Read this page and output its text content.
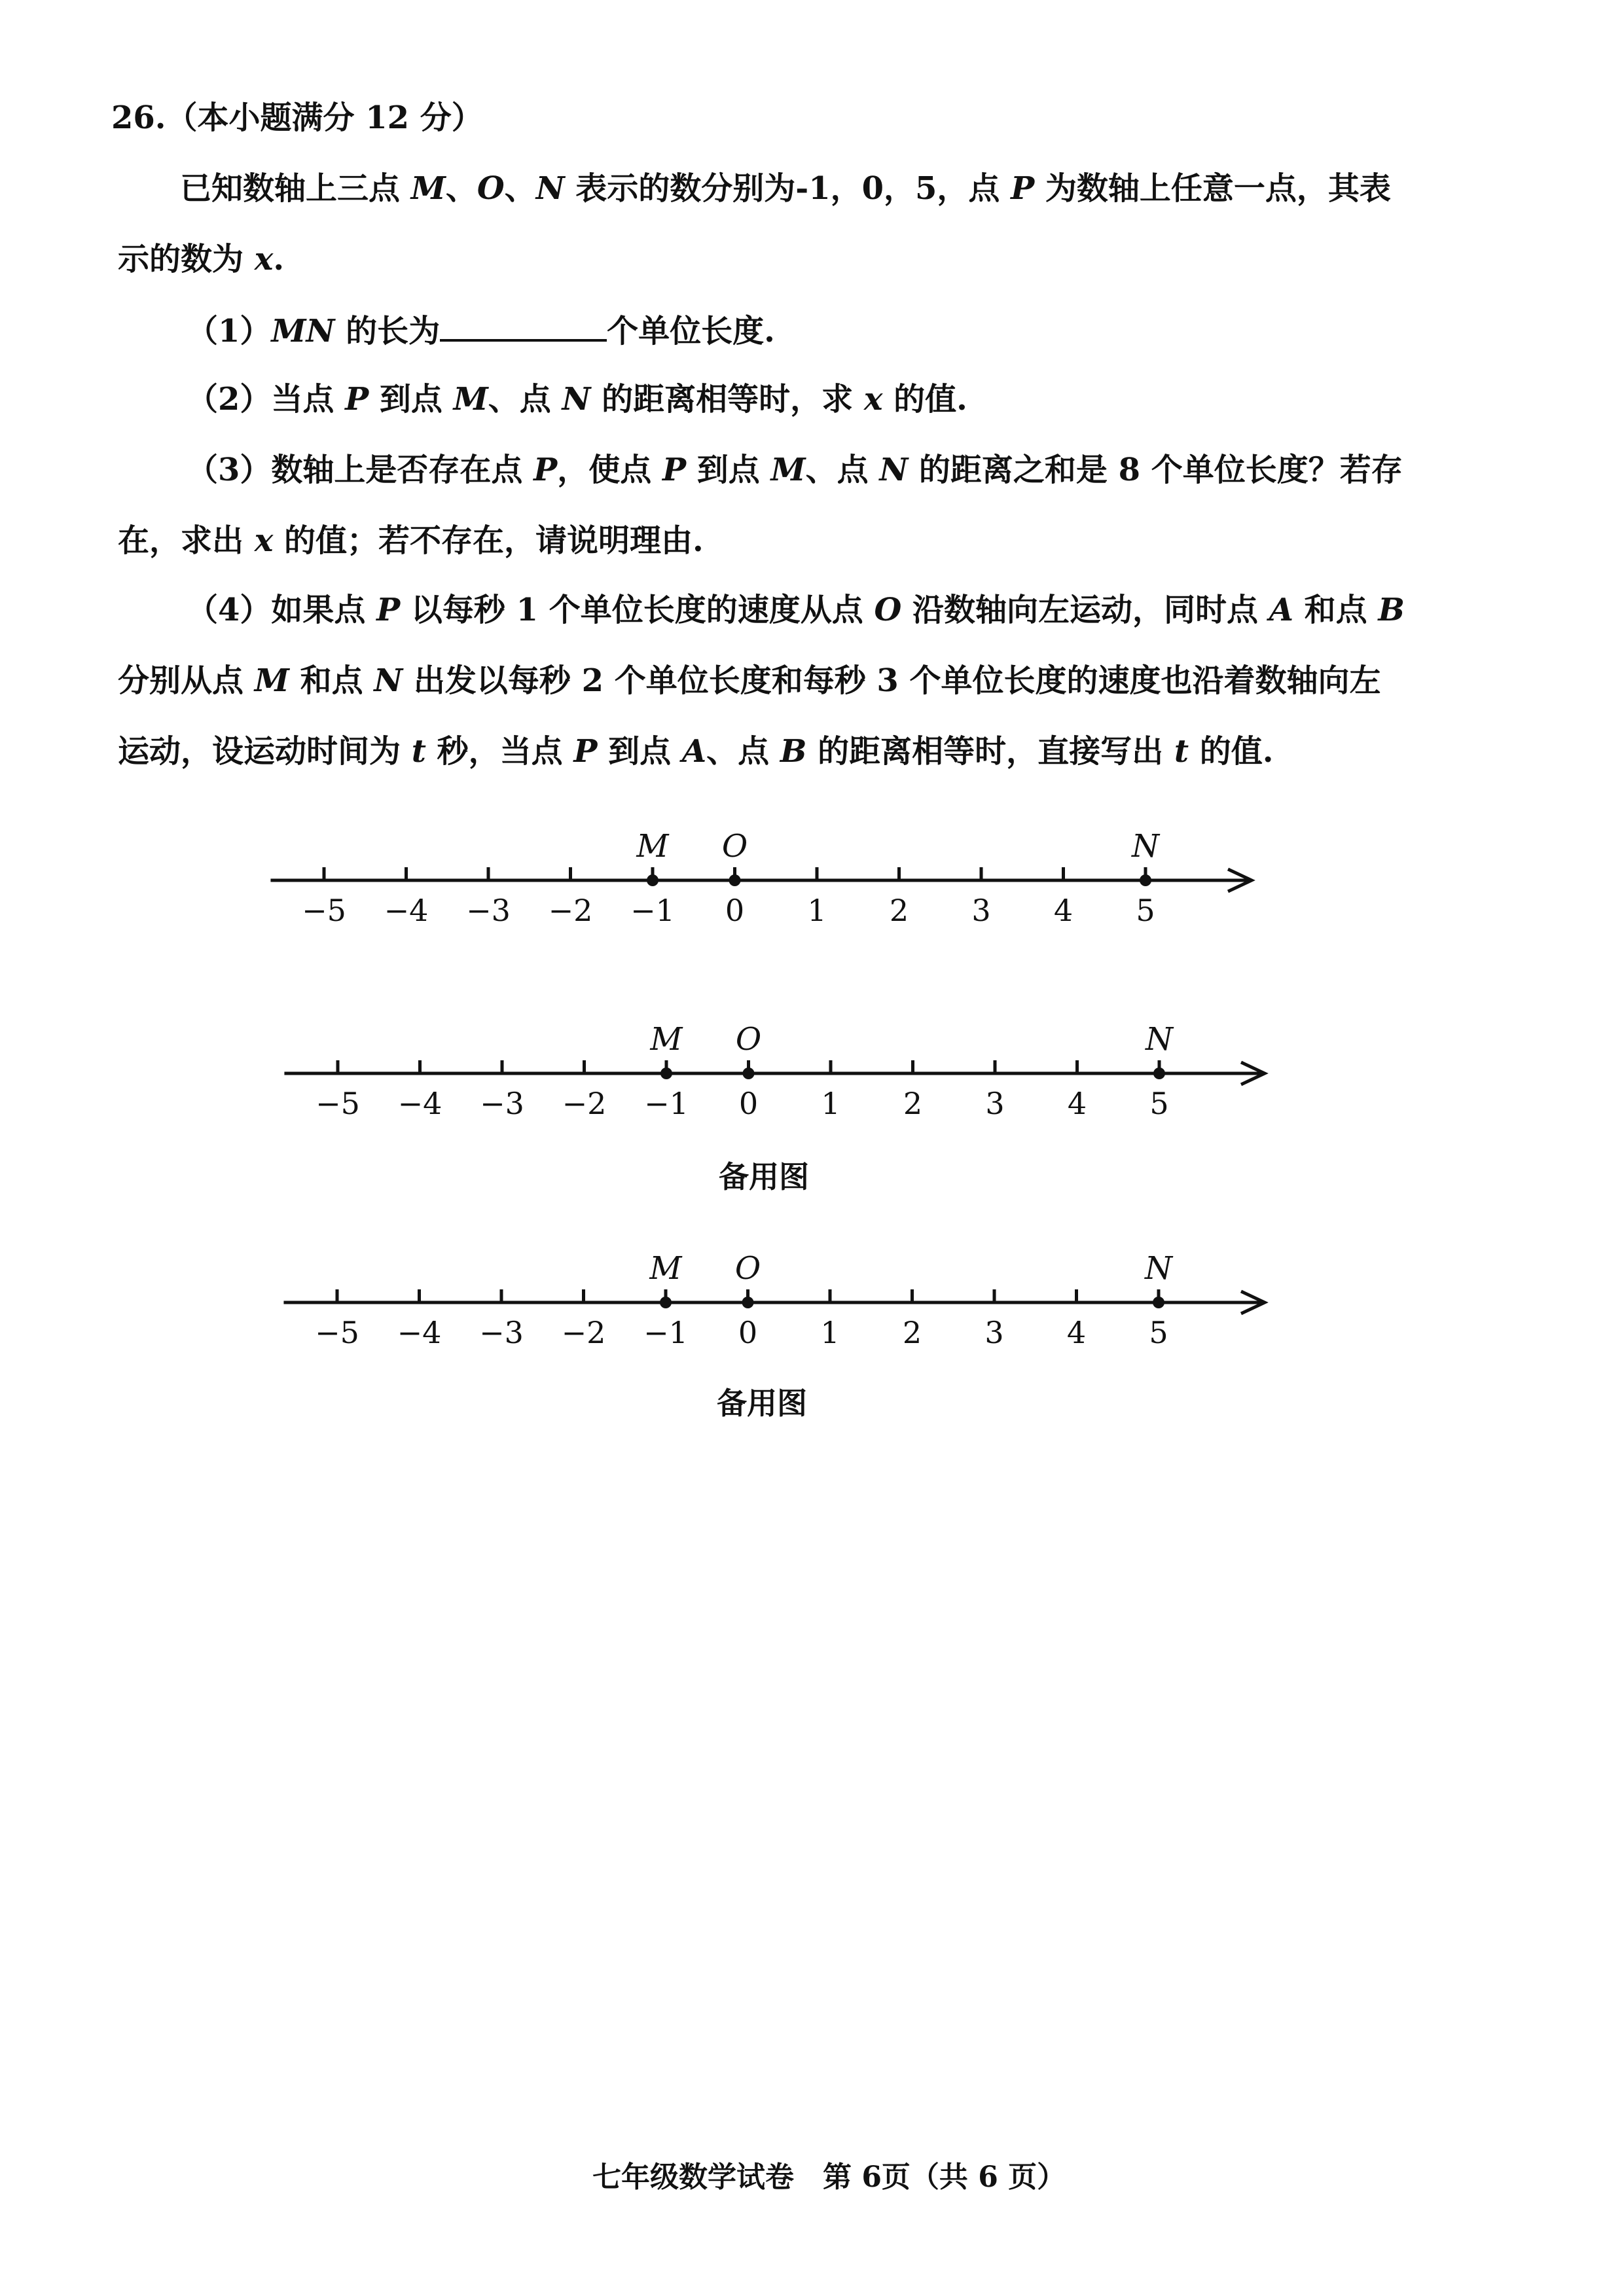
26.（本小题满分 12 分）
已知数轴上三点 M、O、N 表示的数分别为-1，0，5，点 P 为数轴上任意一点，其表
示的数为 x.
（1）MN 的长为	个单位长度.
（2）当点 P 到点 M、点 N 的距离相等时，求 x 的值.
（3）数轴上是否存在点 P，使点 P 到点 M、点 N 的距离之和是 8 个单位长度？若存
在，求出 x 的值；若不存在，请说明理由.
（4）如果点 P 以每秒 1 个单位长度的速度从点 O 沿数轴向左运动，同时点 A 和点 B
分别从点 M 和点 N 出发以每秒 2 个单位长度和每秒 3 个单位长度的速度也沿着数轴向左
运动，设运动时间为 t 秒，当点 P 到点 A、点 B 的距离相等时，直接写出 t 的值.
−5 −4 −3 −2 −1 0 1 2 3 4 5
M O	N
−5 −4 −3 −2 −1 0 1 2 3 4 5
M O	N
备用图
−5 −4 −3 −2 −1 0 1 2 3 4 5
M O	N
备用图
七年级数学试卷　第 6页（共 6 页）
